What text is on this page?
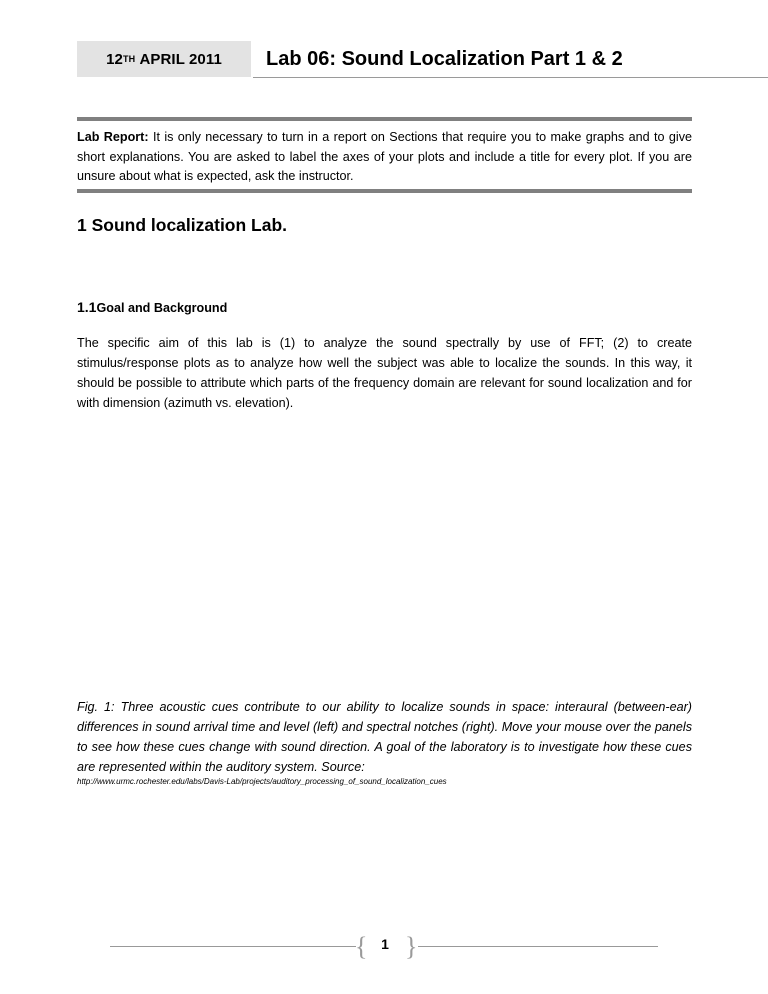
12 TH
APRIL 2011 Lab 06: Sound Localization Part 1 & 2
Lab Report: It is only necessary to turn in a report on Sections that require you to make graphs and to give short explanations. You are asked to label the axes of your plots and include a title for every plot. If you are unsure about what is expected, ask the instructor.
1 Sound localization Lab.
1.1Goal and Background
The specific aim of this lab is (1) to analyze the sound spectrally by use of FFT; (2) to create stimulus/response plots as to analyze how well the subject was able to localize the sounds. In this way, it should be possible to attribute which parts of the frequency domain are relevant for sound localization and for with dimension (azimuth vs. elevation).
Fig. 1: Three acoustic cues contribute to our ability to localize sounds in space: interaural (between-ear) differences in sound arrival time and level (left) and spectral notches (right). Move your mouse over the panels to see how these cues change with sound direction. A goal of the laboratory is to investigate how these cues are represented within the auditory system. Source:
http://www.urmc.rochester.edu/labs/Davis-Lab/projects/auditory_processing_of_sound_localization_cues
{ 1 }
